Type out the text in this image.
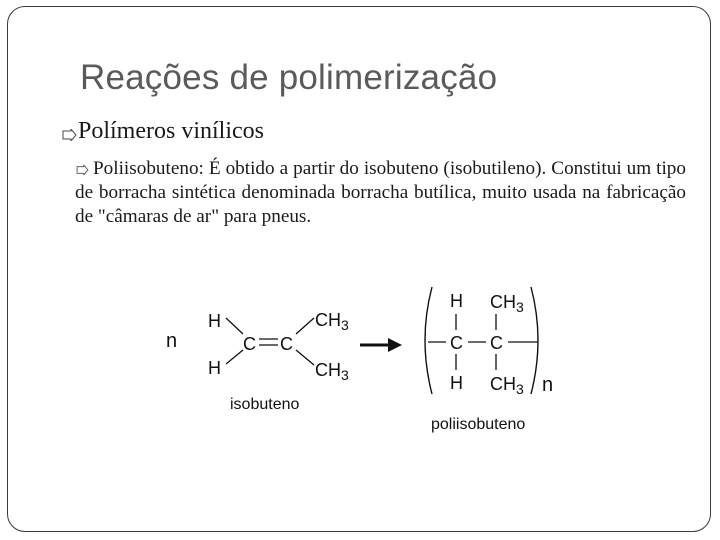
Reações de polimerização
Polímeros vinílicos
Poliisobuteno: É obtido a partir do isobuteno (isobutileno). Constitui um tipo de borracha sintética denominada borracha butílica, muito usada na fabricação de "câmaras de ar" para pneus.
n
H
H
C C
$CH_3$
$CH_3$
isobuteno
H
H
C C
$CH_3$
$CH_3$ n
poliisobuteno
